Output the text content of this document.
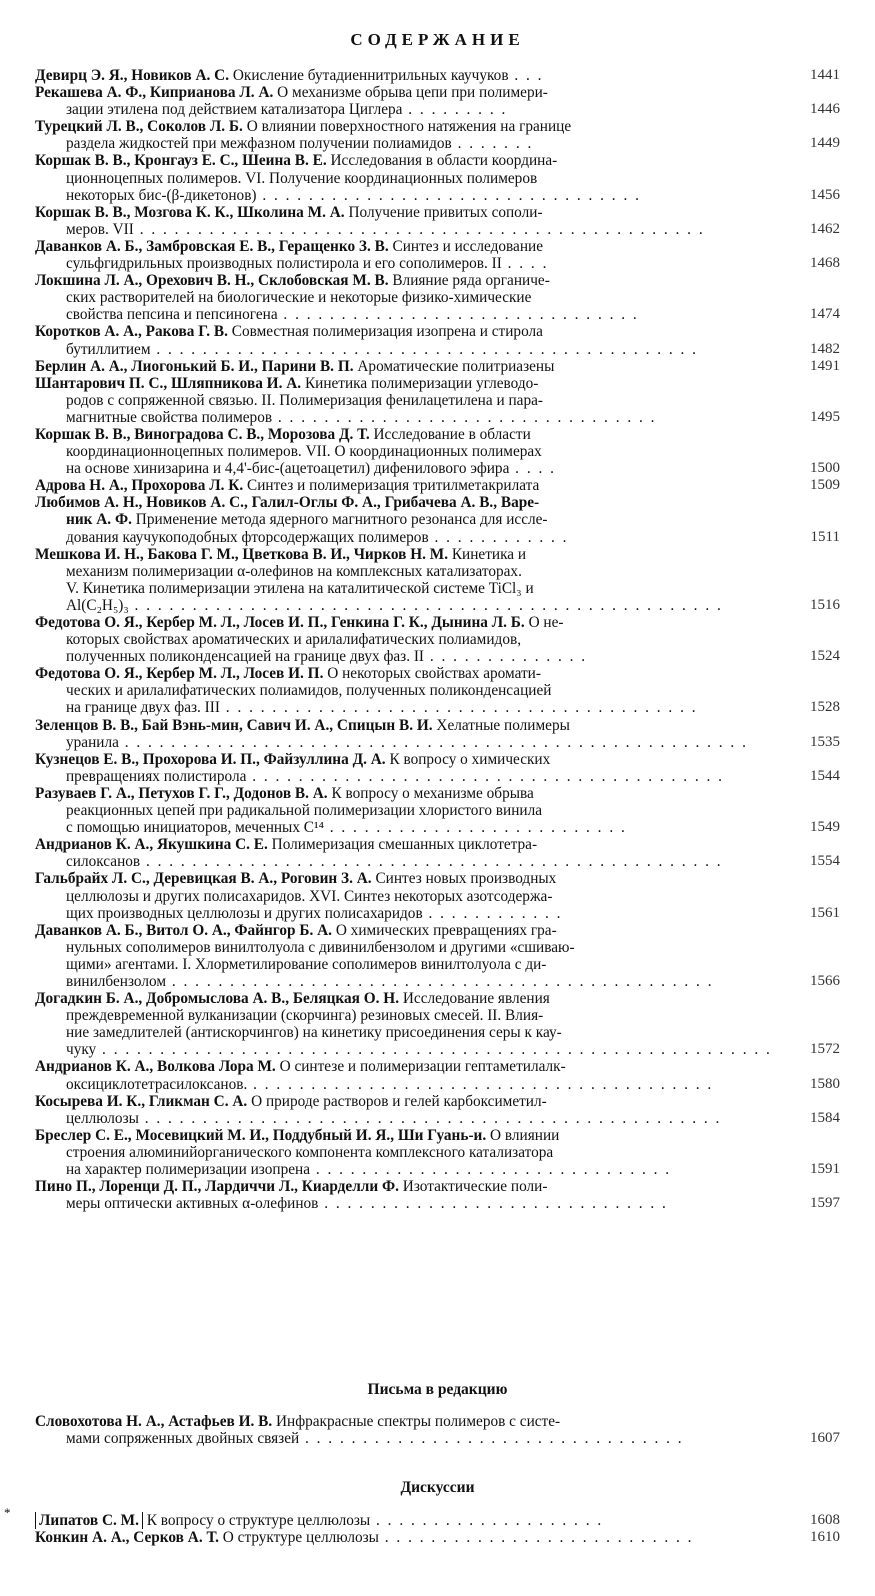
СОДЕРЖАНИЕ
Девирц Э. Я., Новиков А. С. Окисление бутадиеннитрильных каучуков . . .	1441
Рекашева А. Ф., Киприанова Л. А. О механизме обрыва цепи при полимери-
зации этилена под действием катализатора Циглера . . . . . . . . .	1446
Турецкий Л. В., Соколов Л. Б. О влиянии поверхностного натяжения на границе
раздела жидкостей при межфазном получении полиамидов . . . . . . .	1449
Коршак В. В., Кронгауз Е. С., Шеина В. Е. Исследования в области координа-
ционноцепных полимеров. VI. Получение координационных полимеров
некоторых бис-(β-дикетонов) . . . . . . . . . . . . . . . . . . . . . . . . . . . . . . . . .	1456
Коршак В. В., Мозгова К. К., Школина М. А. Получение привитых сополи-
меров. VII . . . . . . . . . . . . . . . . . . . . . . . . . . . . . . . . . . . . . . . . . . . . . . . . .	1462
Даванков А. Б., Замбровская Е. В., Геращенко З. В. Синтез и исследование
сульфгидрильных производных полистирола и его сополимеров. II . . . .	1468
Локшина Л. А., Орехович В. Н., Склобовская М. В. Влияние ряда органиче-
ских растворителей на биологические и некоторые физико-химические
свойства пепсина и пепсиногена . . . . . . . . . . . . . . . . . . . . . . . . . . . . . . .	1474
Коротков А. А., Ракова Г. В. Совместная полимеризация изопрена и стирола
бутиллитием . . . . . . . . . . . . . . . . . . . . . . . . . . . . . . . . . . . . . . . . . . . . . . .	1482
Берлин А. А., Лиогонький Б. И., Парини В. П. Ароматические политриазены	1491
Шантарович П. С., Шляпникова И. А. Кинетика полимеризации углеводо-
родов с сопряженной связью. II. Полимеризация фенилацетилена и пара-
магнитные свойства полимеров . . . . . . . . . . . . . . . . . . . . . . . . . . . . . . . . .	1495
Коршак В. В., Виноградова С. В., Морозова Д. Т. Исследование в области
координационноцепных полимеров. VII. О координационных полимерах
на основе хинизарина и 4,4'-бис-(ацетоацетил) дифенилового эфира . . . .	1500
Адрова Н. А., Прохорова Л. К. Синтез и полимеризация тритилметакрилата	1509
Любимов А. Н., Новиков А. С., Галил-Оглы Ф. А., Грибачева А. В., Варе-
ник А. Ф. Применение метода ядерного магнитного резонанса для иссле-
дования каучукоподобных фторсодержащих полимеров . . . . . . . . . . . .	1511
Мешкова И. Н., Бакова Г. М., Цветкова В. И., Чирков Н. М. Кинетика и
механизм полимеризации α-олефинов на комплексных катализаторах.
V. Кинетика полимеризации этилена на каталитической системе TiCl₃ и
Al(C₂H₅)₃ . . . . . . . . . . . . . . . . . . . . . . . . . . . . . . . . . . . . . . . . . . . . . . . . . . .	1516
Федотова О. Я., Кербер М. Л., Лосев И. П., Генкина Г. К., Дынина Л. Б. О не-
которых свойствах ароматических и арилалифатических полиамидов,
полученных поликонденсацией на границе двух фаз. II . . . . . . . . . . . . . .	1524
Федотова О. Я., Кербер М. Л., Лосев И. П. О некоторых свойствах аромати-
ческих и арилалифатических полиамидов, полученных поликонденсацией
на границе двух фаз. III . . . . . . . . . . . . . . . . . . . . . . . . . . . . . . . . . . . . . . . . .	1528
Зеленцов В. В., Бай Вэнь-мин, Савич И. А., Спицын В. И. Хелатные полимеры
уранила . . . . . . . . . . . . . . . . . . . . . . . . . . . . . . . . . . . . . . . . . . . . . . . . . . . . . .	1535
Кузнецов Е. В., Прохорова И. П., Файзуллина Д. А. К вопросу о химических
превращениях полистирола . . . . . . . . . . . . . . . . . . . . . . . . . . . . . . . . . . . . . . . . .	1544
Разуваев Г. А., Петухов Г. Г., Додонов В. А. К вопросу о механизме обрыва
реакционных цепей при радикальной полимеризации хлористого винила
с помощью инициаторов, меченных C¹⁴ . . . . . . . . . . . . . . . . . . . . . . . . . .	1549
Андрианов К. А., Якушкина С. Е. Полимеризация смешанных циклотетра-
силоксанов . . . . . . . . . . . . . . . . . . . . . . . . . . . . . . . . . . . . . . . . . . . . . . . . . .	1554
Гальбрайх Л. С., Деревицкая В. А., Роговин З. А. Синтез новых производных
целлюлозы и других полисахаридов. XVI. Синтез некоторых азотсодержа-
щих производных целлюлозы и других полисахаридов . . . . . . . . . . . .	1561
Даванков А. Б., Витол О. А., Файнгор Б. А. О химических превращениях гра-
нульных сополимеров винилтолуола с дивинилбензолом и другими «сшиваю-
щими» агентами. I. Хлорметилирование сополимеров винилтолуола с ди-
винилбензолом . . . . . . . . . . . . . . . . . . . . . . . . . . . . . . . . . . . . . . . . . . . . . . .	1566
Догадкин Б. А., Добромыслова А. В., Беляцкая О. Н. Исследование явления
преждевременной вулканизации (скорчинга) резиновых смесей. II. Влия-
ние замедлителей (антискорчингов) на кинетику присоединения серы к кау-
чуку . . . . . . . . . . . . . . . . . . . . . . . . . . . . . . . . . . . . . . . . . . . . . . . . . . . . . . . . . .	1572
Андрианов К. А., Волкова Лора М. О синтезе и полимеризации гептаметилалк-
оксициклотетрасилоксанов. . . . . . . . . . . . . . . . . . . . . . . . . . . . . . . . . . . . . . . . .	1580
Косырева И. К., Гликман С. А. О природе растворов и гелей карбоксиметил-
целлюлозы . . . . . . . . . . . . . . . . . . . . . . . . . . . . . . . . . . . . . . . . . . . . . . . . . .	1584
Бреслер С. Е., Мосевицкий М. И., Поддубный И. Я., Ши Гуань-и. О влиянии
строения алюминийорганического компонента комплексного катализатора
на характер полимеризации изопрена . . . . . . . . . . . . . . . . . . . . . . . . . . . . . . .	1591
Пино П., Лоренци Д. П., Лардиччи Л., Киарделли Ф. Изотактические поли-
меры оптически активных α-олефинов . . . . . . . . . . . . . . . . . . . . . . . . . . . . . .	1597
Письма в редакцию
Словохотова Н. А., Астафьев И. В. Инфракрасные спектры полимеров с систе-
мами сопряженных двойных связей . . . . . . . . . . . . . . . . . . . . . . . . . . . . . . . . .	1607
*
Дискуссии
Липатов С. М. К вопросу о структуре целлюлозы . . . . . . . . . . . . . . . . . . . .	1608
Конкин А. А., Серков А. Т. О структуре целлюлозы . . . . . . . . . . . . . . . . . . . . . . . . . . .	1610
